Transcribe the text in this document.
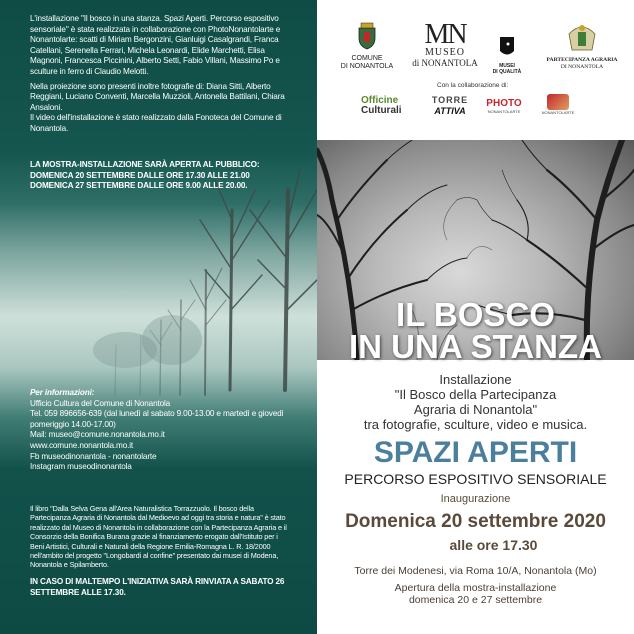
L'installazione "Il bosco in una stanza. Spazi Aperti. Percorso espositivo sensoriale" è stata realizzata in collaborazione con PhotoNonantolarte e Nonantolarte: scatti di Miriam Bergonzini, Gianluigi Casalgrandi, Franca Catellani, Serenella Ferrari, Michela Leonardi, Elide Marchetti, Elisa Magnoni, Francesca Piccinini, Alberto Setti, Fabio Villani, Massimo Po e sculture in ferro di Claudio Melotti.

Nella proiezione sono presenti inoltre fotografie di: Diana Sitti, Alberto Reggiani, Luciano Conventi, Marcella Muzzioli, Antonella Battilani, Chiara Ansaloni.

Il video dell'installazione è stato realizzato dalla Fonoteca del Comune di Nonantola.

LA MOSTRA-INSTALLAZIONE SARÀ APERTA AL PUBBLICO:

DOMENICA 20 SETTEMBRE DALLE ORE 17.30 ALLE 21.00

DOMENICA 27 SETTEMBRE DALLE ORE 9.00 ALLE 20.00.

Per informazioni:

Ufficio Cultura del Comune di Nonantola

Tel. 059 896656-639 (dal lunedì al sabato 9.00-13.00 e martedì e giovedì pomeriggio 14.00-17.00)

Mail: museo@comune.nonantola.mo.it

www.comune.nonantola.mo.it

Fb museodinonantola - nonantolarte

Instagram museodinonantola

Il libro "Dalla Selva Gena all'Area Naturalistica Torrazzuolo. Il bosco della Partecipanza Agraria di Nonantola dal Medioevo ad oggi tra storia e natura" è stato realizzato dal Museo di Nonantola in collaborazione con la Partecipanza Agraria e il Consorzio della Bonifica Burana grazie al finanziamento erogato dall'Istituto per i Beni Artistici, Culturali e Naturali della Regione Emilia-Romagna L. R. 18/2000 nell'ambito del progetto "Longobardi al confine" presentato dai musei di Modena, Nonantola e Spilamberto.

IN CASO DI MALTEMPO L'INIZIATIVA SARÀ RINVIATA A SABATO 26 SETTEMBRE ALLE 17.30.

COMUNE
DI NONANTOLA
MN
MUSEO
di NONANTOLA	MUSEI
DI QUALITÀ
PARTECIPANZA AGRARIA
DI NONANTOLA
Con la collaborazione di:
Officine
Culturali
TORRE
ATTIVA
PHOTO
NONANTOLARTE	NONANTOLARTE
IL BOSCO
IN UNA STANZA
Installazione
"Il Bosco della Partecipanza
Agraria di Nonantola"
tra fotografie, sculture, video e musica.
SPAZI APERTI
PERCORSO ESPOSITIVO SENSORIALE
Inaugurazione
Domenica 20 settembre 2020
alle ore 17.30
Torre dei Modenesi, via Roma 10/A, Nonantola (Mo)
Apertura della mostra-installazione
domenica 20 e 27 settembre
